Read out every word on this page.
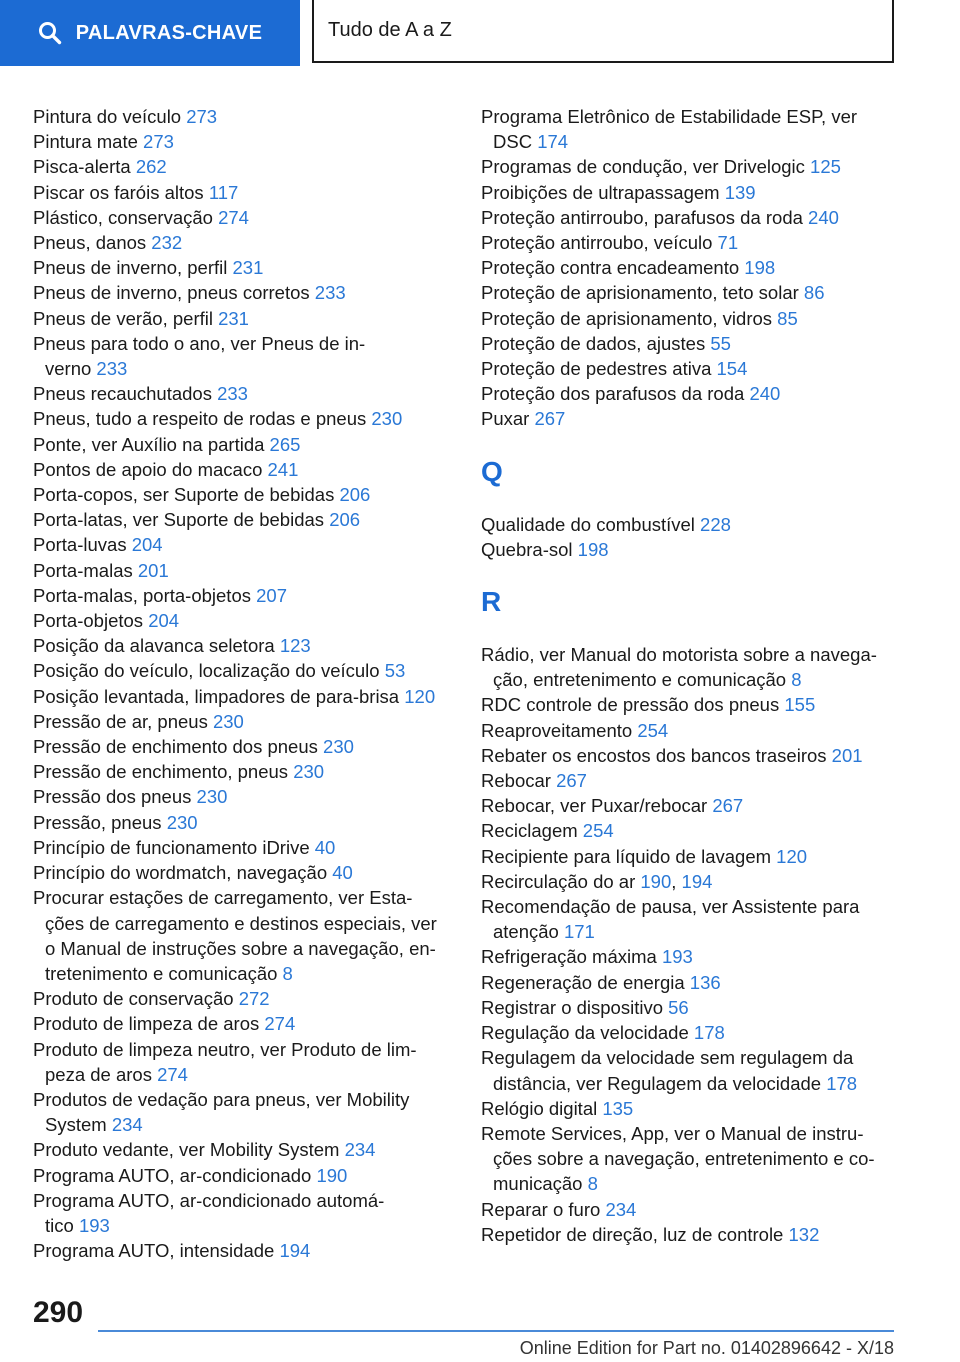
PALAVRAS-CHAVE	Tudo de A a Z
Pintura do veículo 273
Pintura mate 273
Pisca-alerta 262
Piscar os faróis altos 117
Plástico, conservação 274
Pneus, danos 232
Pneus de inverno, perfil 231
Pneus de inverno, pneus corretos 233
Pneus de verão, perfil 231
Pneus para todo o ano, ver Pneus de in-
verno 233
Pneus recauchutados 233
Pneus, tudo a respeito de rodas e pneus 230
Ponte, ver Auxílio na partida 265
Pontos de apoio do macaco 241
Porta-copos, ser Suporte de bebidas 206
Porta-latas, ver Suporte de bebidas 206
Porta-luvas 204
Porta-malas 201
Porta-malas, porta-objetos 207
Porta-objetos 204
Posição da alavanca seletora 123
Posição do veículo, localização do veículo 53
Posição levantada, limpadores de para-brisa 120
Pressão de ar, pneus 230
Pressão de enchimento dos pneus 230
Pressão de enchimento, pneus 230
Pressão dos pneus 230
Pressão, pneus 230
Princípio de funcionamento iDrive 40
Princípio do wordmatch, navegação 40
Procurar estações de carregamento, ver Esta-
ções de carregamento e destinos especiais, ver
o Manual de instruções sobre a navegação, en-
tretenimento e comunicação 8
Produto de conservação 272
Produto de limpeza de aros 274
Produto de limpeza neutro, ver Produto de lim-
peza de aros 274
Produtos de vedação para pneus, ver Mobility
System 234
Produto vedante, ver Mobility System 234
Programa AUTO, ar-condicionado 190
Programa AUTO, ar-condicionado automá-
tico 193
Programa AUTO, intensidade 194
Programa Eletrônico de Estabilidade ESP, ver
DSC 174
Programas de condução, ver Drivelogic 125
Proibições de ultrapassagem 139
Proteção antirroubo, parafusos da roda 240
Proteção antirroubo, veículo 71
Proteção contra encadeamento 198
Proteção de aprisionamento, teto solar 86
Proteção de aprisionamento, vidros 85
Proteção de dados, ajustes 55
Proteção de pedestres ativa 154
Proteção dos parafusos da roda 240
Puxar 267
Q
Qualidade do combustível 228
Quebra-sol 198
R
Rádio, ver Manual do motorista sobre a navega-
ção, entretenimento e comunicação 8
RDC controle de pressão dos pneus 155
Reaproveitamento 254
Rebater os encostos dos bancos traseiros 201
Rebocar 267
Rebocar, ver Puxar/rebocar 267
Reciclagem 254
Recipiente para líquido de lavagem 120
Recirculação do ar 190, 194
Recomendação de pausa, ver Assistente para
atenção 171
Refrigeração máxima 193
Regeneração de energia 136
Registrar o dispositivo 56
Regulação da velocidade 178
Regulagem da velocidade sem regulagem da
distância, ver Regulagem da velocidade 178
Relógio digital 135
Remote Services, App, ver o Manual de instru-
ções sobre a navegação, entretenimento e co-
municação 8
Reparar o furo 234
Repetidor de direção, luz de controle 132
290
Online Edition for Part no. 01402896642 - X/18
